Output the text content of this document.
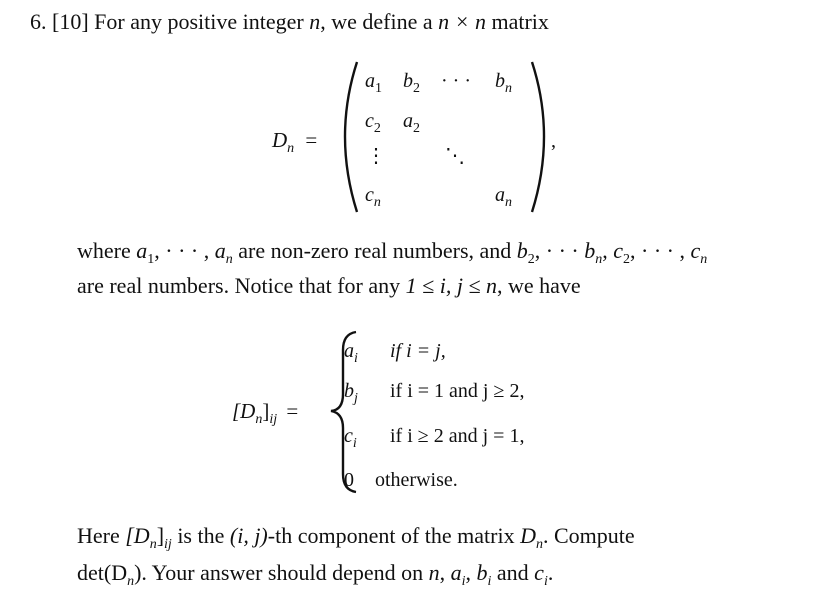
6. [10] For any positive integer n, we define a n × n matrix
$D_n$ =
$a_1$ $b_2$ · · · $b_n$
$c_2$ $a_2$
⋮	⋱
$c_n$	$a_n$
,
where $a_1$, · · · , $a_n$ are non-zero real numbers, and $b_2$, · · · $b_n$, $c_2$, · · · , $c_n$
are real numbers. Notice that for any 1 ≤ i, j ≤ n, we have
$[D_n]_{ij}$ =
$a_i$ if i = j,
$b_j$ if i = 1 and j ≥ 2,
$c_i$ if i ≥ 2 and j = 1,
0 otherwise.
Here $[D_n]_{ij}$ is the (i, j)-th component of the matrix $D_n$. Compute
$\det(D_n)$. Your answer should depend on n, $a_i$, $b_i$ and $c_i$.
